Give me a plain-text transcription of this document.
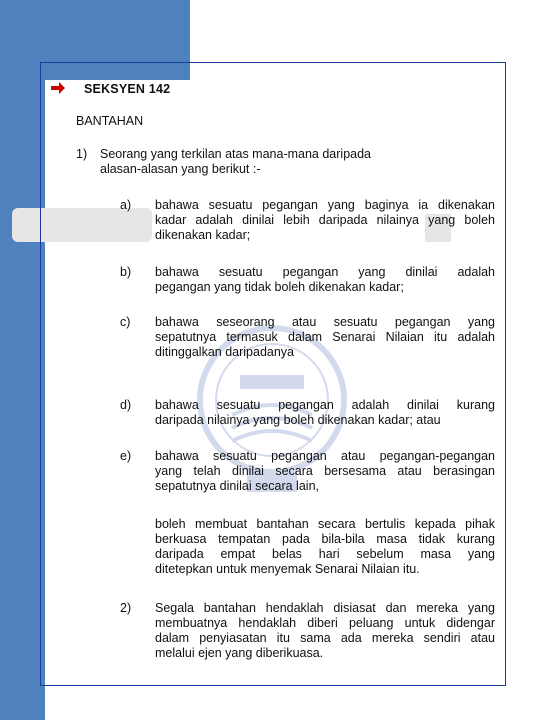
SEKSYEN 142
BANTAHAN
1) Seorang yang terkilan atas mana-mana daripada
alasan-alasan yang berikut :-
a) bahawa sesuatu pegangan yang baginya ia dikenakan
kadar adalah dinilai lebih daripada nilainya yang boleh
dikenakan kadar;
b) bahawa sesuatu pegangan yang dinilai adalah
pegangan yang tidak boleh dikenakan kadar;
c) bahawa seseorang atau sesuatu pegangan yang
sepatutnya termasuk dalam Senarai Nilaian itu adalah
ditinggalkan daripadanya
d) bahawa sesuatu pegangan adalah dinilai kurang
daripada nilainya yang boleh dikenakan kadar; atau
e) bahawa sesuatu pegangan atau pegangan-pegangan
yang telah dinilai secara bersesama atau berasingan
sepatutnya dinilai secara lain,
boleh membuat bantahan secara bertulis kepada pihak
berkuasa tempatan pada bila-bila masa tidak kurang
daripada empat belas hari sebelum masa yang
ditetepkan untuk menyemak Senarai Nilaian itu.
2) Segala bantahan hendaklah disiasat dan mereka yang
membuatnya hendaklah diberi peluang untuk didengar
dalam penyiasatan itu sama ada mereka sendiri atau
melalui ejen yang diberikuasa.
